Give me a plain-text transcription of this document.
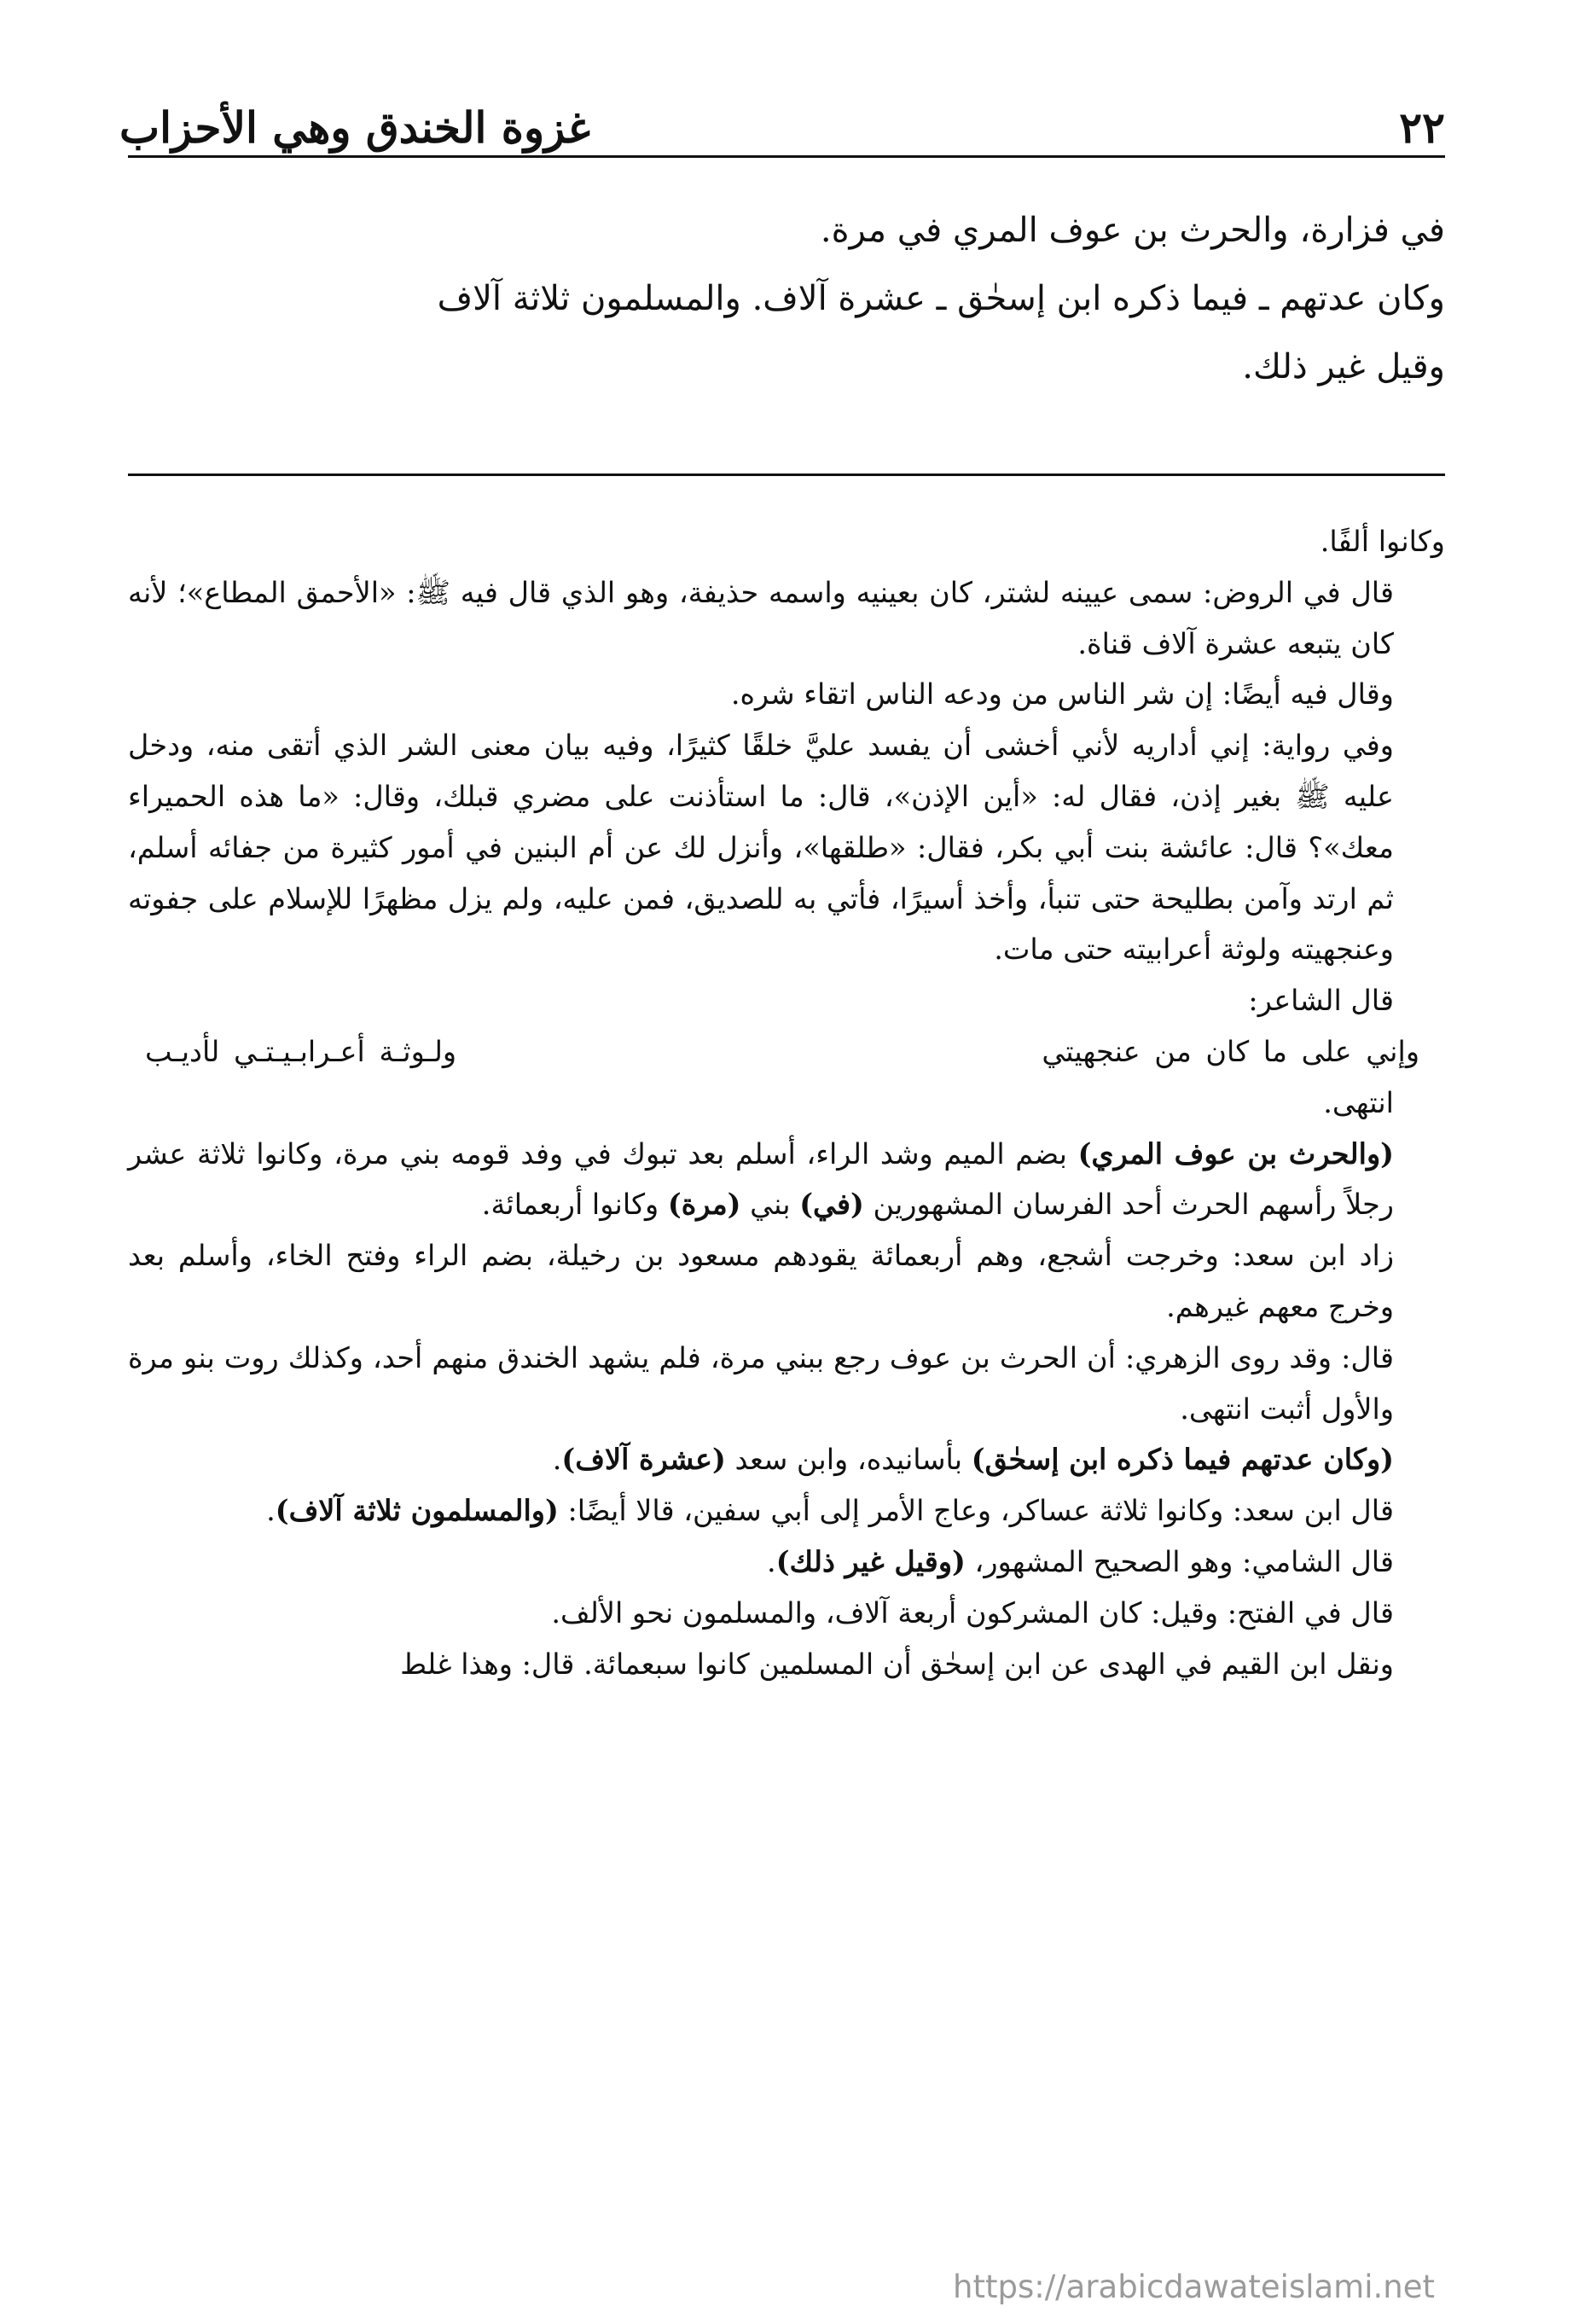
٢٢
غزوة الخندق وهي الأحزاب

في فزارة، والحرث بن عوف المري في مرة.

وكان عدتهم ـ فيما ذكره ابن إسحٰق ـ عشرة آلاف. والمسلمون ثلاثة آلاف

وقيل غير ذلك.

وكانوا ألفًا.

قال في الروض: سمى عيينه لشتر، كان بعينيه واسمه حذيفة، وهو الذي قال فيه ﷺ: «الأحمق المطاع»؛ لأنه كان يتبعه عشرة آلاف قناة.

وقال فيه أيضًا: إن شر الناس من ودعه الناس اتقاء شره.

وفي رواية: إني أداريه لأني أخشى أن يفسد عليَّ خلقًا كثيرًا، وفيه بيان معنى الشر الذي أتقى منه، ودخل عليه ﷺ بغير إذن، فقال له: «أين الإذن»، قال: ما استأذنت على مضري قبلك، وقال: «ما هذه الحميراء معك»؟ قال: عائشة بنت أبي بكر، فقال: «طلقها»، وأنزل لك عن أم البنين في أمور كثيرة من جفائه أسلم، ثم ارتد وآمن بطليحة حتى تنبأ، وأخذ أسيرًا، فأتي به للصديق، فمن عليه، ولم يزل مظهرًا للإسلام على جفوته وعنجهيته ولوثة أعرابيته حتى مات.

قال الشاعر:

وإني على ما كان من عنجهيتي
ولـوثـة أعـرابـيـتـي لأديـب

انتهى.

(والحرث بن عوف المري) بضم الميم وشد الراء، أسلم بعد تبوك في وفد قومه بني مرة، وكانوا ثلاثة عشر رجلاً رأسهم الحرث أحد الفرسان المشهورين (في) بني (مرة) وكانوا أربعمائة.

زاد ابن سعد: وخرجت أشجع، وهم أربعمائة يقودهم مسعود بن رخيلة، بضم الراء وفتح الخاء، وأسلم بعد وخرج معهم غيرهم.

قال: وقد روى الزهري: أن الحرث بن عوف رجع ببني مرة، فلم يشهد الخندق منهم أحد، وكذلك روت بنو مرة والأول أثبت انتهى.

(وكان عدتهم فيما ذكره ابن إسحٰق) بأسانيده، وابن سعد (عشرة آلاف).

قال ابن سعد: وكانوا ثلاثة عساكر، وعاج الأمر إلى أبي سفين، قالا أيضًا: (والمسلمون ثلاثة آلاف).

قال الشامي: وهو الصحيح المشهور، (وقيل غير ذلك).

قال في الفتح: وقيل: كان المشركون أربعة آلاف، والمسلمون نحو الألف.

ونقل ابن القيم في الهدى عن ابن إسحٰق أن المسلمين كانوا سبعمائة. قال: وهذا غلط

https://arabicdawateislami.net
